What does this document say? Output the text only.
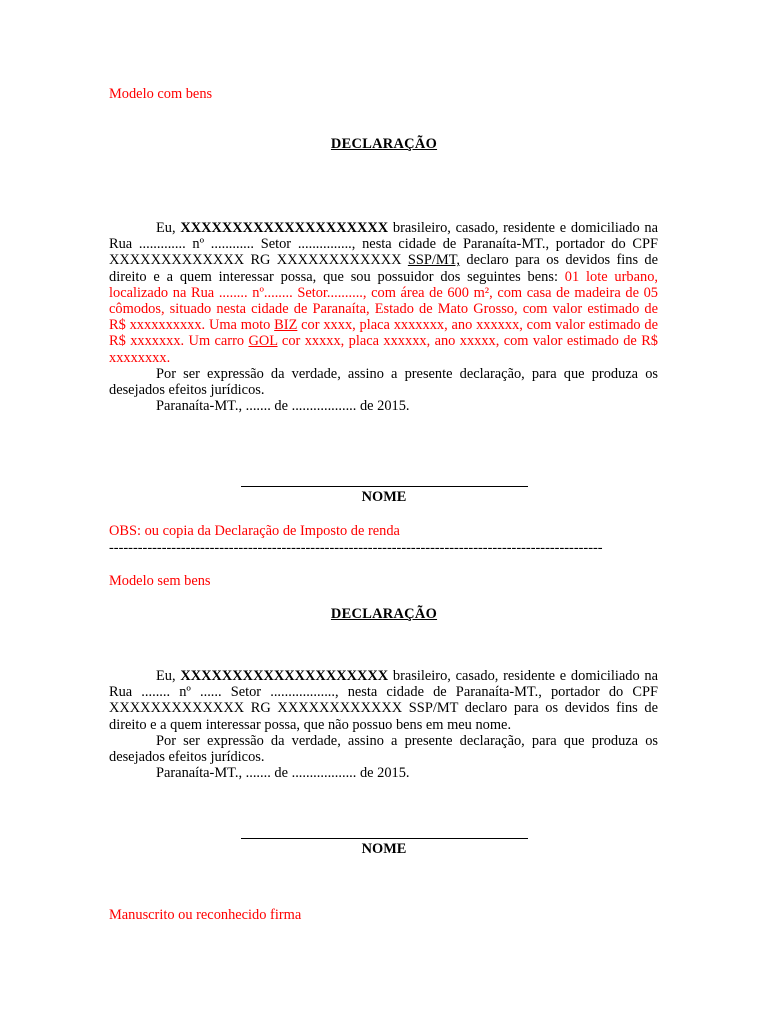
Modelo com bens
DECLARAÇÃO

Eu, XXXXXXXXXXXXXXXXXXXX brasileiro, casado, residente e domiciliado na Rua ............. nº ............ Setor ..............., nesta cidade de Paranaíta-MT., portador do CPF XXXXXXXXXXXXX RG XXXXXXXXXXXX SSP/MT, declaro para os devidos fins de direito e a quem interessar possa, que sou possuidor dos seguintes bens: 01 lote urbano, localizado na Rua ........ nº........ Setor.........., com área de 600 m², com casa de madeira de 05 cômodos, situado nesta cidade de Paranaíta, Estado de Mato Grosso, com valor estimado de R$ xxxxxxxxxx. Uma moto BIZ cor xxxx, placa xxxxxxx, ano xxxxxx, com valor estimado de R$ xxxxxxx. Um carro GOL cor xxxxx, placa xxxxxx, ano xxxxx, com valor estimado de R$ xxxxxxxx.

Por ser expressão da verdade, assino a presente declaração, para que produza os desejados efeitos jurídicos.

Paranaíta-MT., ....... de .................. de 2015.

NOME
OBS: ou copia da Declaração de Imposto de renda
-------------------------------------------------------------------------------------------------------
Modelo sem bens
DECLARAÇÃO

Eu, XXXXXXXXXXXXXXXXXXXX brasileiro, casado, residente e domiciliado na Rua ........ nº ...... Setor .................., nesta cidade de Paranaíta-MT., portador do CPF XXXXXXXXXXXXX RG XXXXXXXXXXXX SSP/MT declaro para os devidos fins de direito e a quem interessar possa, que não possuo bens em meu nome.

Por ser expressão da verdade, assino a presente declaração, para que produza os desejados efeitos jurídicos.

Paranaíta-MT., ....... de .................. de 2015.

NOME
Manuscrito ou reconhecido firma
